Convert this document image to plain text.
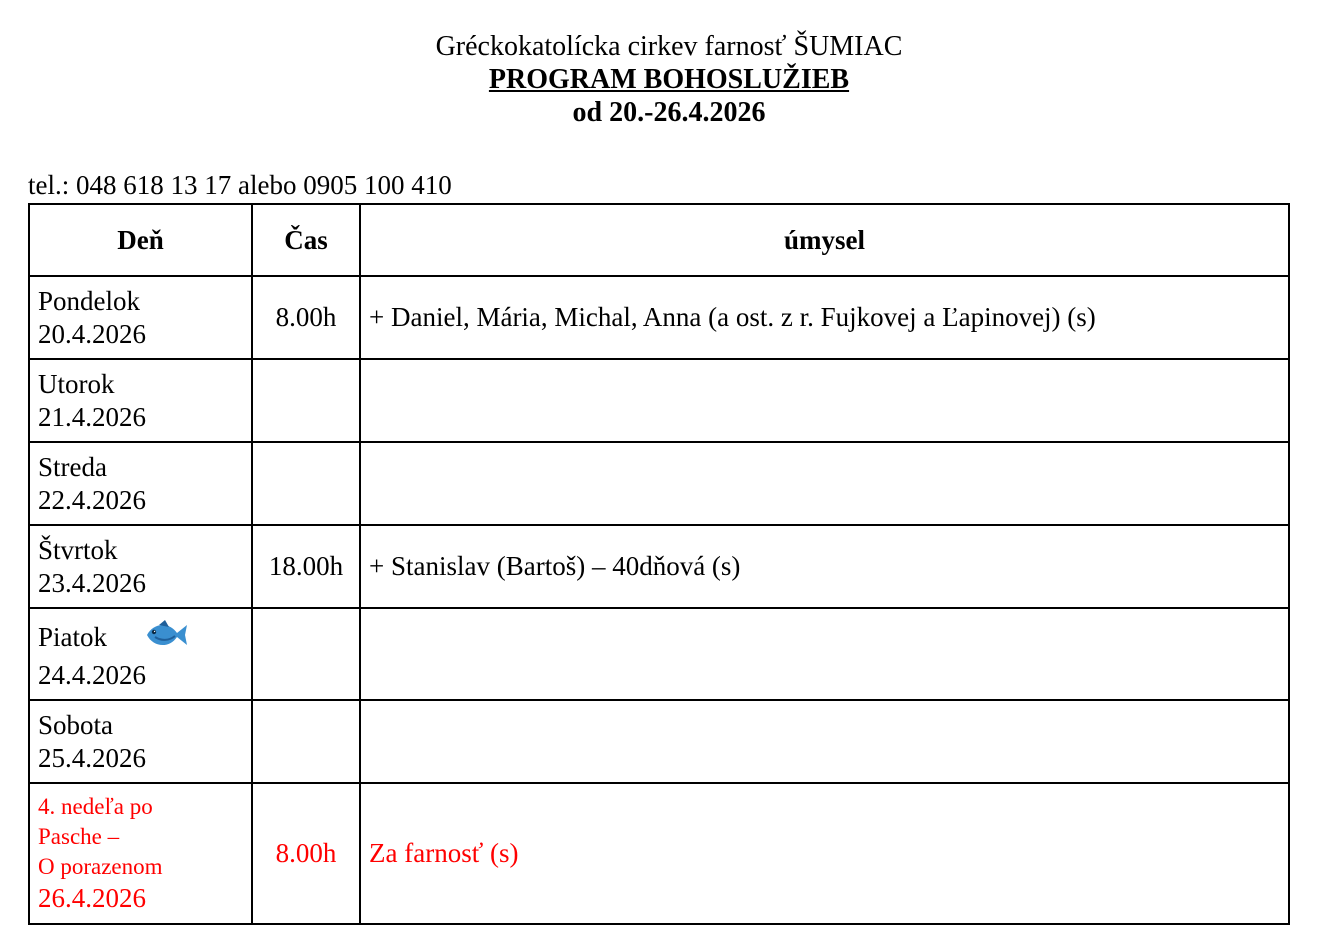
Gréckokatolícka cirkev farnosť ŠUMIAC
PROGRAM BOHOSLUŽIEB
od 20.-26.4.2026
tel.: 048 618 13 17 alebo 0905 100 410
Deň	Čas	úmysel

Pondelok
20.4.2026	8.00h	+ Daniel, Mária, Michal, Anna (a ost. z r. Fujkovej a Ľapinovej) (s)

Utorok
21.4.2026		

Streda
22.4.2026		

Štvrtok
23.4.2026	18.00h	+ Stanislav (Bartoš) – 40dňová (s)

Piatok
24.4.2026		

Sobota
25.4.2026		

4. nedeľa po
Pasche –
O porazenom
26.4.2026	8.00h	Za farnosť (s)
